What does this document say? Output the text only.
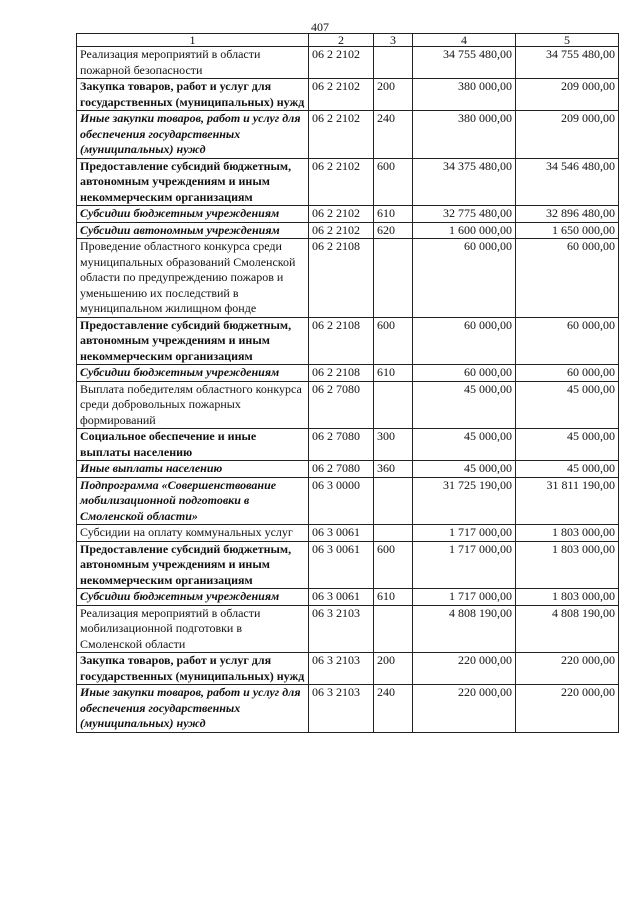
407
1	2	3	4	5
Реализация мероприятий в области пожарной безопасности	06 2 2102		34 755 480,00	34 755 480,00
Закупка товаров, работ и услуг для государственных (муниципальных) нужд	06 2 2102	200	380 000,00	209 000,00
Иные закупки товаров, работ и услуг для обеспечения государственных (муниципальных) нужд	06 2 2102	240	380 000,00	209 000,00
Предоставление субсидий бюджетным, автономным учреждениям и иным некоммерческим организациям	06 2 2102	600	34 375 480,00	34 546 480,00
Субсидии бюджетным учреждениям	06 2 2102	610	32 775 480,00	32 896 480,00
Субсидии автономным учреждениям	06 2 2102	620	1 600 000,00	1 650 000,00
Проведение областного конкурса среди муниципальных образований Смоленской области по предупреждению пожаров и уменьшению их последствий в муниципальном жилищном фонде	06 2 2108		60 000,00	60 000,00
Предоставление субсидий бюджетным, автономным учреждениям и иным некоммерческим организациям	06 2 2108	600	60 000,00	60 000,00
Субсидии бюджетным учреждениям	06 2 2108	610	60 000,00	60 000,00
Выплата победителям областного конкурса среди добровольных пожарных формирований	06 2 7080		45 000,00	45 000,00
Социальное обеспечение и иные выплаты населению	06 2 7080	300	45 000,00	45 000,00
Иные выплаты населению	06 2 7080	360	45 000,00	45 000,00
Подпрограмма «Совершенствование мобилизационной подготовки в Смоленской области»	06 3 0000		31 725 190,00	31 811 190,00
Субсидии на оплату коммунальных услуг	06 3 0061		1 717 000,00	1 803 000,00
Предоставление субсидий бюджетным, автономным учреждениям и иным некоммерческим организациям	06 3 0061	600	1 717 000,00	1 803 000,00
Субсидии бюджетным учреждениям	06 3 0061	610	1 717 000,00	1 803 000,00
Реализация мероприятий в области мобилизационной подготовки в Смоленской области	06 3 2103		4 808 190,00	4 808 190,00
Закупка товаров, работ и услуг для государственных (муниципальных) нужд	06 3 2103	200	220 000,00	220 000,00
Иные закупки товаров, работ и услуг для обеспечения государственных (муниципальных) нужд	06 3 2103	240	220 000,00	220 000,00
